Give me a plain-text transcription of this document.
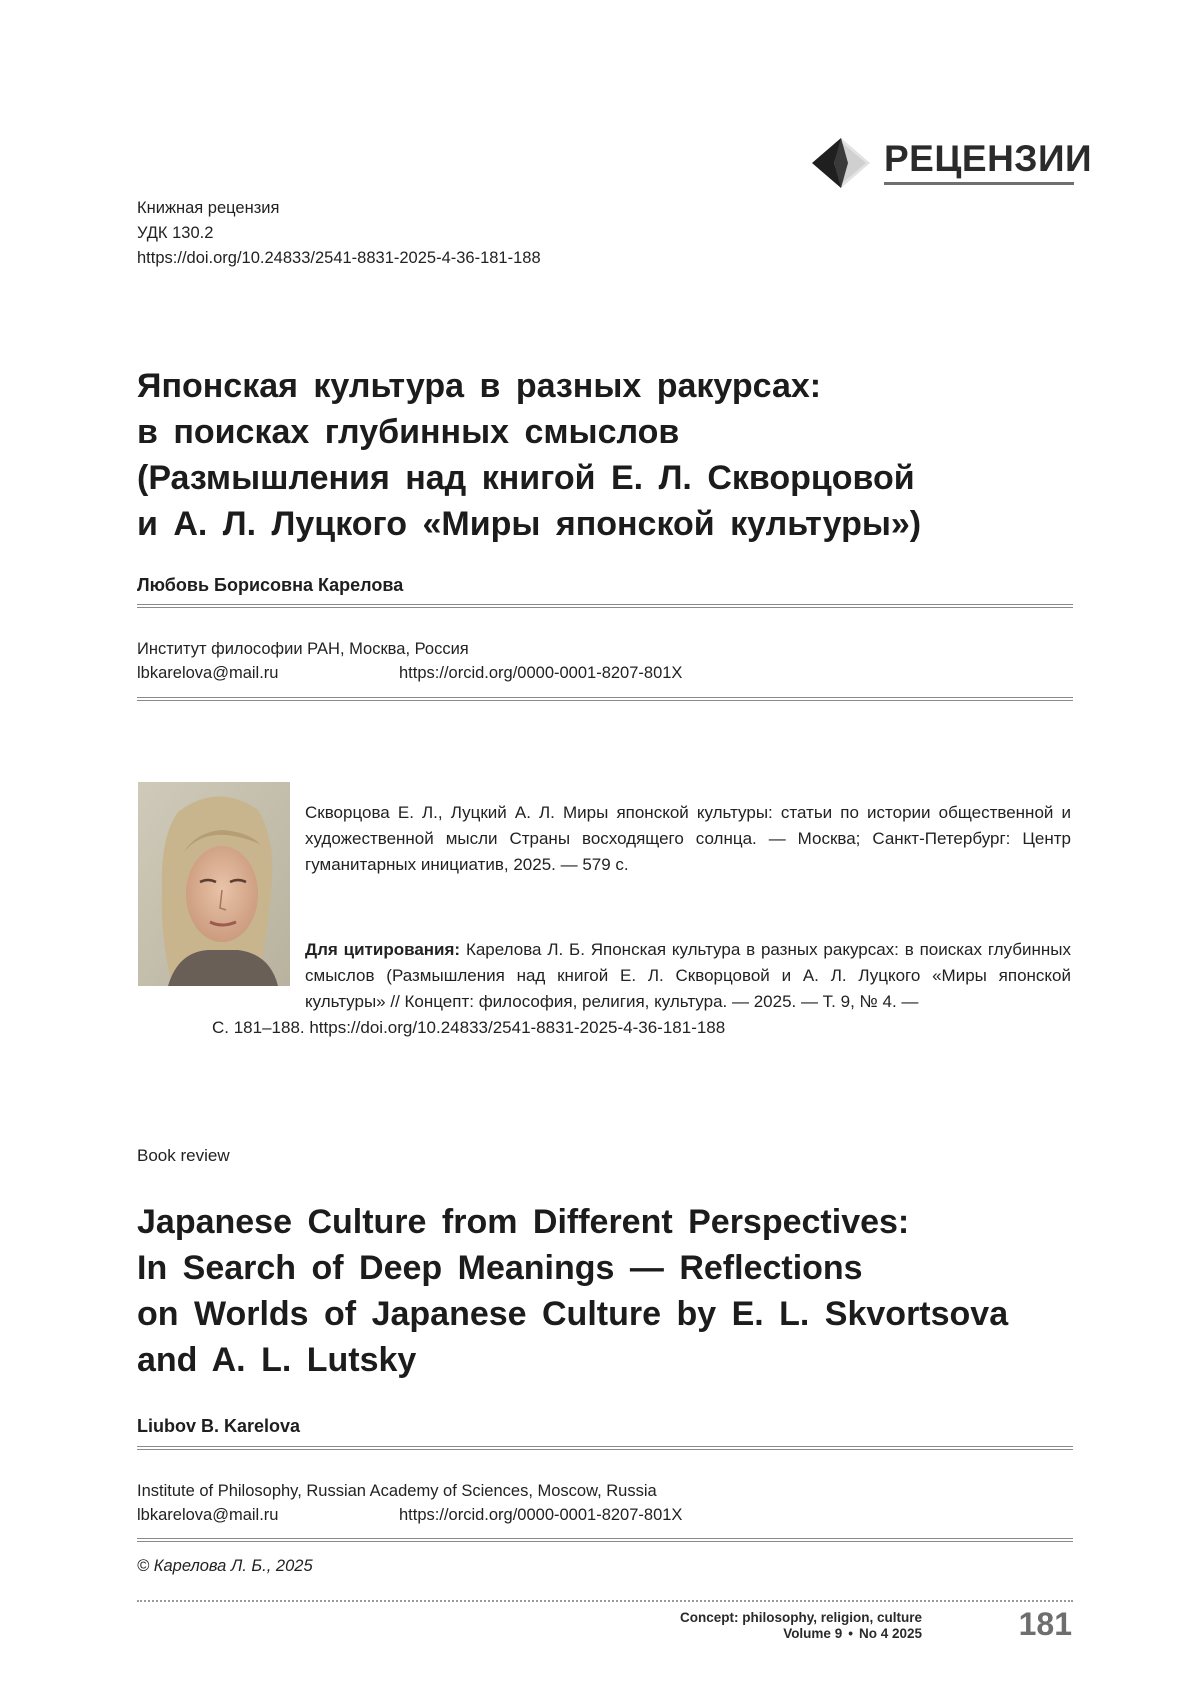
РЕЦЕНЗИИ
Книжная рецензия
УДК 130.2
https://doi.org/10.24833/2541-8831-2025-4-36-181-188
Японская культура в разных ракурсах:
в поисках глубинных смыслов
(Размышления над книгой Е. Л. Скворцовой
и А. Л. Луцкого «Миры японской культуры»)
Любовь Борисовна Карелова
Институт философии РАН, Москва, Россия
lbkarelova@mail.ru	https://orcid.org/0000-0001-8207-801X
Скворцова Е. Л., Луцкий А. Л. Миры японской культуры: статьи по истории общественной и художественной мысли Страны восходящего солнца. — Москва; Санкт-Петербург: Центр гуманитарных инициатив, 2025. — 579 с.
Для цитирования: Карелова Л. Б. Японская культура в разных ракурсах: в поисках глубинных смыслов (Размышления над книгой Е. Л. Скворцовой и А. Л. Луцкого «Миры японской культуры» // Концепт: философия, религия, культура. — 2025. — Т. 9, № 4. —
С. 181–188. https://doi.org/10.24833/2541-8831-2025-4-36-181-188
Book review
Japanese Culture from Different Perspectives:
In Search of Deep Meanings — Reflections
on Worlds of Japanese Culture by E. L. Skvortsova
and A. L. Lutsky
Liubov B. Karelova
Institute of Philosophy, Russian Academy of Sciences, Moscow, Russia
lbkarelova@mail.ru	https://orcid.org/0000-0001-8207-801X
© Карелова Л. Б., 2025
Concept: philosophy, religion, culture
Volume 9 • No 4 2025	181
